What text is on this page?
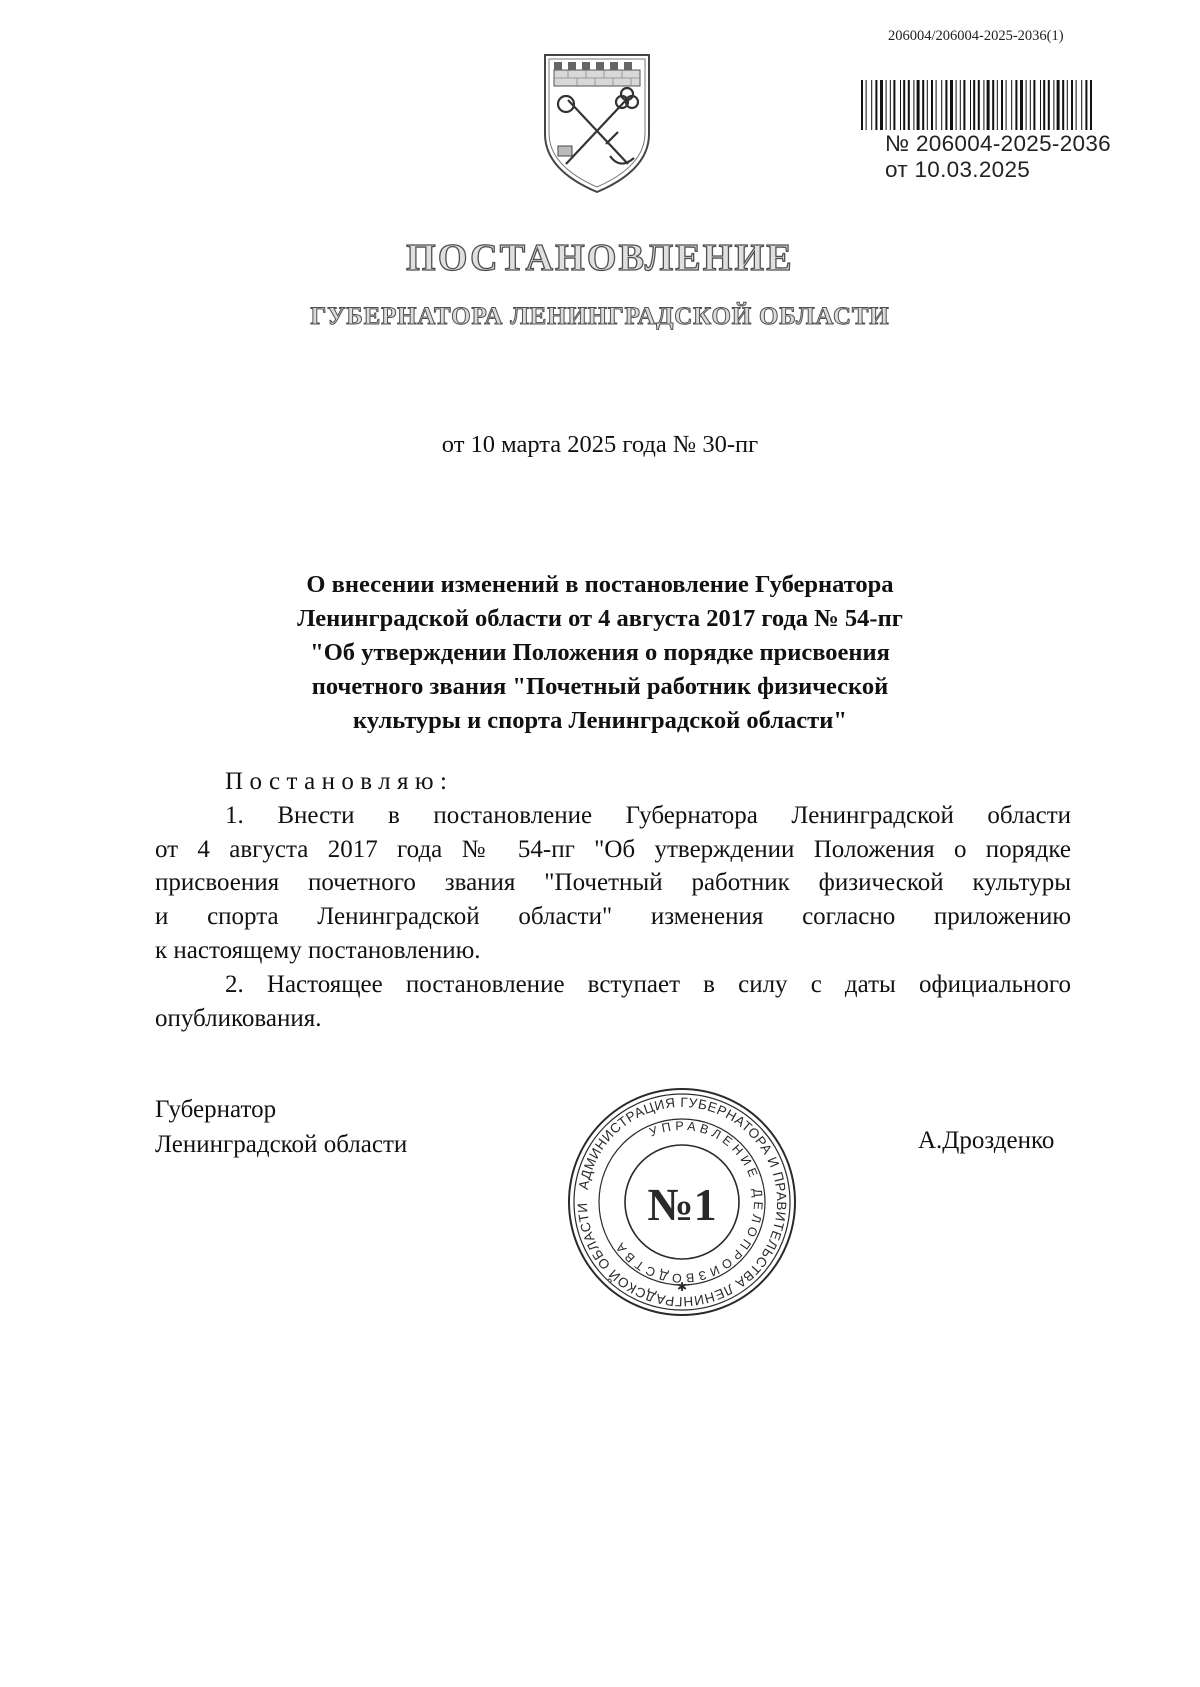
206004/206004-2025-2036(1)
№ 206004-2025-2036
от 10.03.2025
ПОСТАНОВЛЕНИЕ
ГУБЕРНАТОРА ЛЕНИНГРАДСКОЙ ОБЛАСТИ
от 10 марта 2025 года № 30-пг
О внесении изменений в постановление Губернатора
Ленинградской области от 4 августа 2017 года № 54-пг
"Об утверждении Положения о порядке присвоения
почетного звания "Почетный работник физической
культуры и спорта Ленинградской области"
Постановляю:
1. Внести в постановление Губернатора Ленинградской области
от 4 августа 2017 года № 54-пг "Об утверждении Положения о порядке
присвоения почетного звания "Почетный работник физической культуры
и спорта Ленинградской области" изменения согласно приложению
к настоящему постановлению.
2. Настоящее постановление вступает в силу с даты официального
опубликования.
Губернатор
Ленинградской области	А.Дрозденко
АДМИНИСТРАЦИЯ ГУБЕРНАТОРА И ПРАВИТЕЛЬСТВА ЛЕНИНГРАДСКОЙ ОБЛАСТИ
УПРАВЛЕНИЕ ДЕЛОПРОИЗВОДСТВА
№1
✱
